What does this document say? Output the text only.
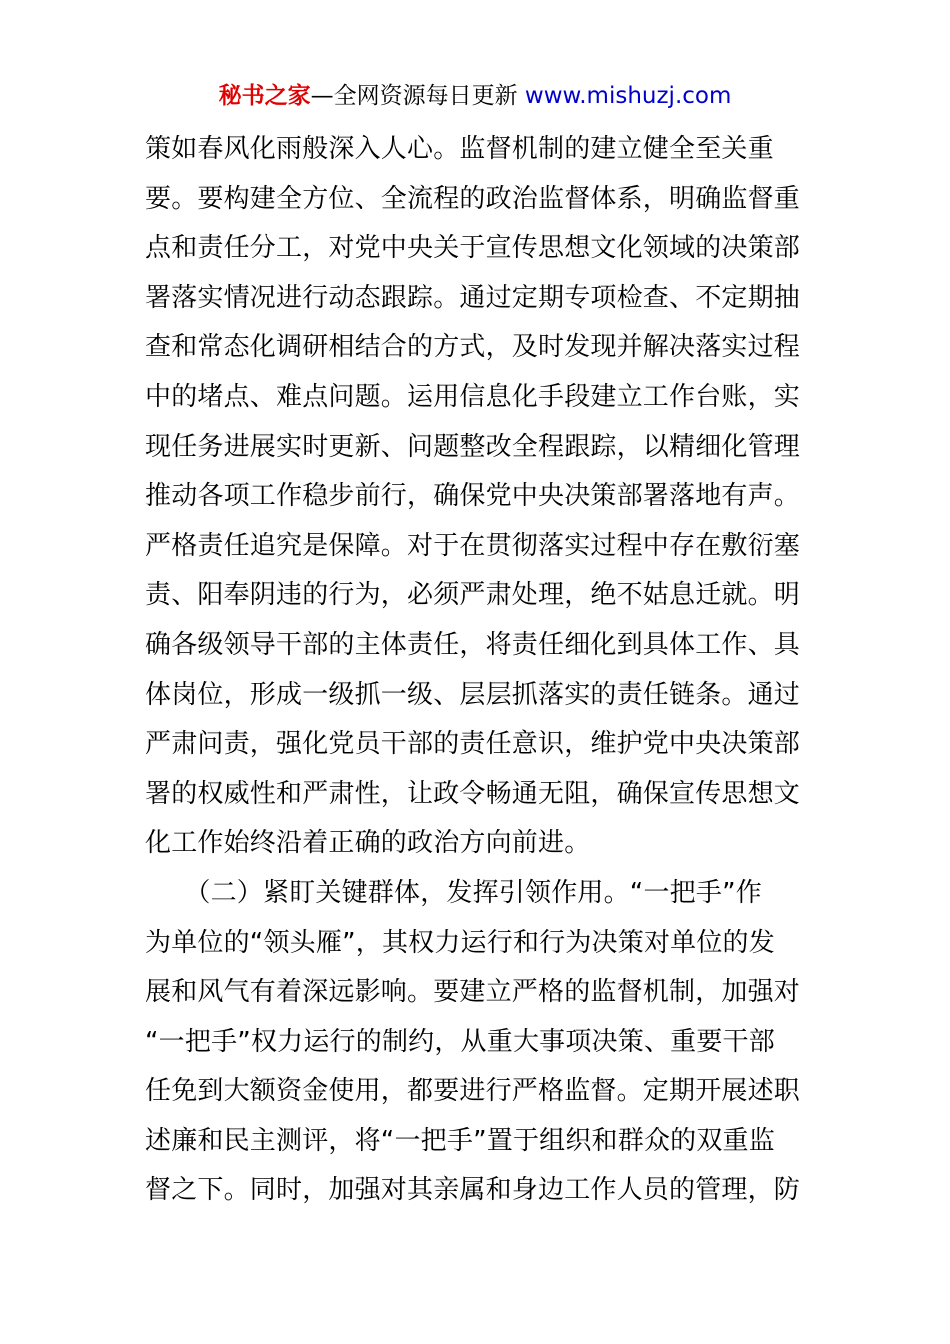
秘书之家—全网资源每日更新 www.mishuzj.com
策如春风化雨般深入人心。监督机制的建立健全至关重
要。要构建全方位、全流程的政治监督体系，明确监督重
点和责任分工，对党中央关于宣传思想文化领域的决策部
署落实情况进行动态跟踪。通过定期专项检查、不定期抽
查和常态化调研相结合的方式，及时发现并解决落实过程
中的堵点、难点问题。运用信息化手段建立工作台账，实
现任务进展实时更新、问题整改全程跟踪，以精细化管理
推动各项工作稳步前行，确保党中央决策部署落地有声。
严格责任追究是保障。对于在贯彻落实过程中存在敷衍塞
责、阳奉阴违的行为，必须严肃处理，绝不姑息迁就。明
确各级领导干部的主体责任，将责任细化到具体工作、具
体岗位，形成一级抓一级、层层抓落实的责任链条。通过
严肃问责，强化党员干部的责任意识，维护党中央决策部
署的权威性和严肃性，让政令畅通无阻，确保宣传思想文
化工作始终沿着正确的政治方向前进。
　　（二）紧盯关键群体，发挥引领作用。“一把手”作
为单位的“领头雁”，其权力运行和行为决策对单位的发
展和风气有着深远影响。要建立严格的监督机制，加强对
“一把手”权力运行的制约，从重大事项决策、重要干部
任免到大额资金使用，都要进行严格监督。定期开展述职
述廉和民主测评，将“一把手”置于组织和群众的双重监
督之下。同时，加强对其亲属和身边工作人员的管理，防
